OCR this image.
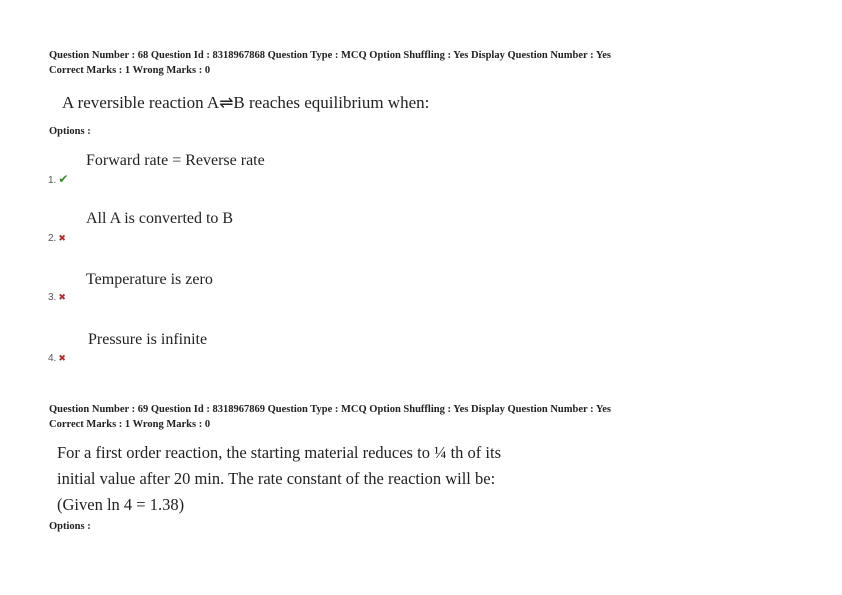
Question Number : 68 Question Id : 8318967868 Question Type : MCQ Option Shuffling : Yes Display Question Number : Yes
Correct Marks : 1 Wrong Marks : 0
A reversible reaction A⇌B reaches equilibrium when:
Options :
Forward rate = Reverse rate
1. ✔
All A is converted to B
2. ✖
Temperature is zero
3. ✖
Pressure is infinite
4. ✖
Question Number : 69 Question Id : 8318967869 Question Type : MCQ Option Shuffling : Yes Display Question Number : Yes
Correct Marks : 1 Wrong Marks : 0
For a first order reaction, the starting material reduces to ¼ th of its
initial value after 20 min. The rate constant of the reaction will be:
(Given ln 4 = 1.38)
Options :
